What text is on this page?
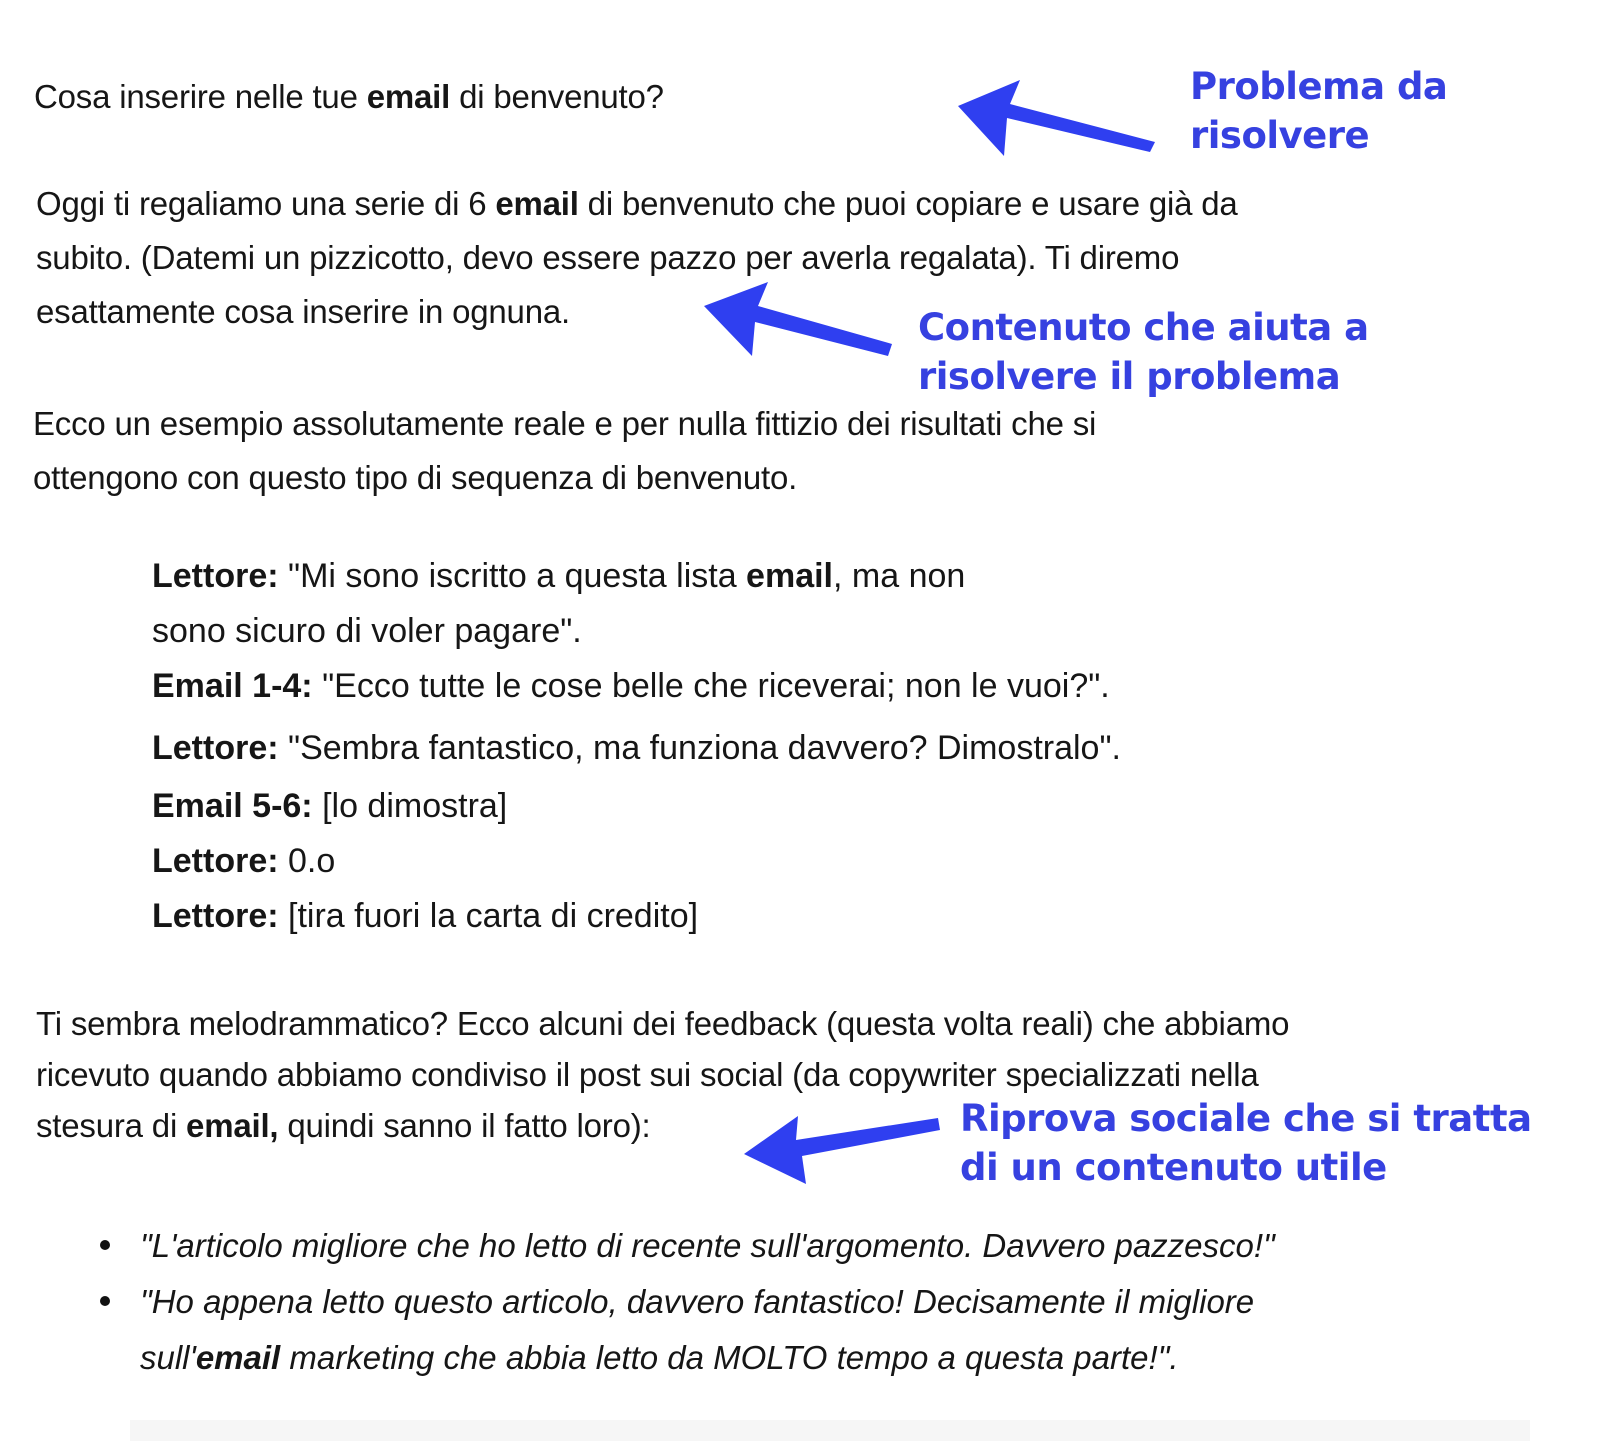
Cosa inserire nelle tue email di benvenuto?	Problema da
risolvere
Oggi ti regaliamo una serie di 6 email di benvenuto che puoi copiare e usare già da
subito. (Datemi un pizzicotto, devo essere pazzo per averla regalata). Ti diremo
esattamente cosa inserire in ognuna.	Contenuto che aiuta a
risolvere il problema
Ecco un esempio assolutamente reale e per nulla fittizio dei risultati che si
ottengono con questo tipo di sequenza di benvenuto.
Lettore: "Mi sono iscritto a questa lista email, ma non
sono sicuro di voler pagare".
Email 1-4: "Ecco tutte le cose belle che riceverai; non le vuoi?".
Lettore: "Sembra fantastico, ma funziona davvero? Dimostralo".
Email 5-6: [lo dimostra]
Lettore: 0.o
Lettore: [tira fuori la carta di credito]
Ti sembra melodrammatico? Ecco alcuni dei feedback (questa volta reali) che abbiamo
ricevuto quando abbiamo condiviso il post sui social (da copywriter specializzati nella
stesura di email, quindi sanno il fatto loro):	Riprova sociale che si tratta
di un contenuto utile
"L'articolo migliore che ho letto di recente sull'argomento. Davvero pazzesco!"
"Ho appena letto questo articolo, davvero fantastico! Decisamente il migliore
sull'email marketing che abbia letto da MOLTO tempo a questa parte!".
